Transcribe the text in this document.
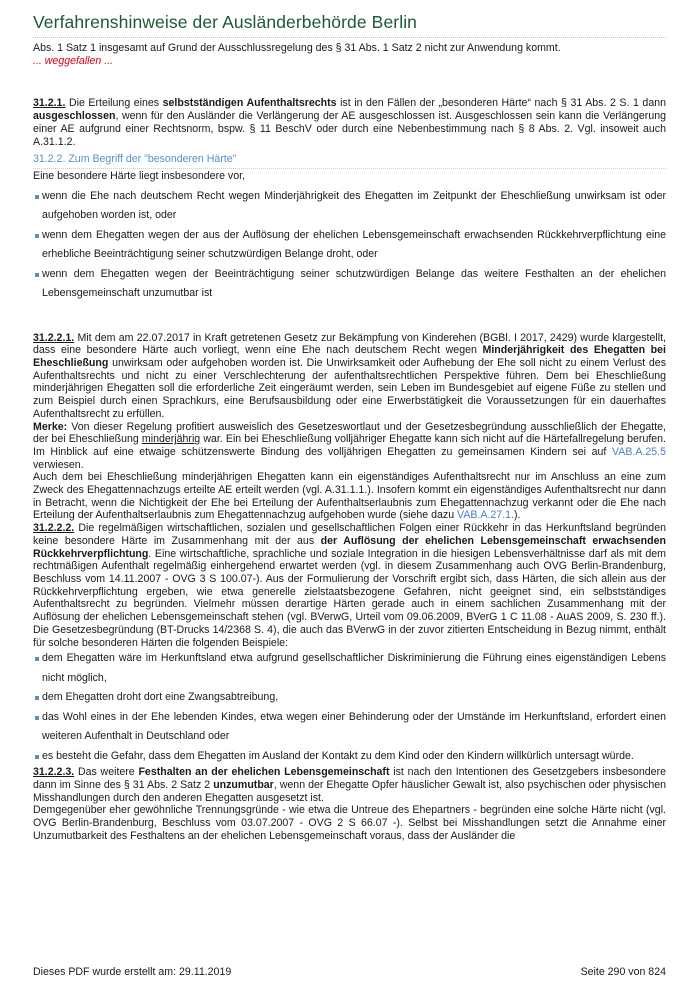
Verfahrenshinweise der Ausländerbehörde Berlin

Abs. 1 Satz 1 insgesamt auf Grund der Ausschlussregelung des § 31 Abs. 1 Satz 2 nicht zur Anwendung kommt.
... weggefallen ...

31.2.1. Die Erteilung eines selbstständigen Aufenthaltsrechts ist in den Fällen der „besonderen Härte“ nach § 31 Abs. 2 S. 1 dann ausgeschlossen, wenn für den Ausländer die Verlängerung der AE ausgeschlossen ist. Ausgeschlossen sein kann die Verlängerung einer AE aufgrund einer Rechtsnorm, bspw. § 11 BeschV oder durch eine Nebenbestimmung nach § 8 Abs. 2. Vgl. insoweit auch A.31.1.2.

31.2.2. Zum Begriff der "besonderen Härte"

Eine besondere Härte liegt insbesondere vor,

wenn die Ehe nach deutschem Recht wegen Minderjährigkeit des Ehegatten im Zeitpunkt der Eheschließung unwirksam ist oder aufgehoben worden ist, oder
wenn dem Ehegatten wegen der aus der Auflösung der ehelichen Lebensgemeinschaft erwachsenden Rückkehrverpflichtung eine erhebliche Beeinträchtigung seiner schutzwürdigen Belange droht, oder
wenn dem Ehegatten wegen der Beeinträchtigung seiner schutzwürdigen Belange das weitere Festhalten an der ehelichen Lebensgemeinschaft unzumutbar ist

31.2.2.1. Mit dem am 22.07.2017 in Kraft getretenen Gesetz zur Bekämpfung von Kinderehen (BGBl. I 2017, 2429) wurde klargestellt, dass eine besondere Härte auch vorliegt, wenn eine Ehe nach deutschem Recht wegen Minderjährigkeit des Ehegatten bei Eheschließung unwirksam oder aufgehoben worden ist. Die Unwirksamkeit oder Aufhebung der Ehe soll nicht zu einem Verlust des Aufenthaltsrechts und nicht zu einer Verschlechterung der aufenthaltsrechtlichen Perspektive führen. Dem bei Eheschließung minderjährigen Ehegatten soll die erforderliche Zeit eingeräumt werden, sein Leben im Bundesgebiet auf eigene Füße zu stellen und zum Beispiel durch einen Sprachkurs, eine Berufsausbildung oder eine Erwerbstätigkeit die Voraussetzungen für ein dauerhaftes Aufenthaltsrecht zu erfüllen.

Merke: Von dieser Regelung profitiert ausweislich des Gesetzeswortlaut und der Gesetzesbegründung ausschließlich der Ehegatte, der bei Eheschließung minderjährig war. Ein bei Eheschließung volljähriger Ehegatte kann sich nicht auf die Härtefallregelung berufen. Im Hinblick auf eine etwaige schützenswerte Bindung des volljährigen Ehegatten zu gemeinsamen Kindern sei auf VAB.A.25.5 verwiesen.

Auch dem bei Eheschließung minderjährigen Ehegatten kann ein eigenständiges Aufenthaltsrecht nur im Anschluss an eine zum Zweck des Ehegattennachzugs erteilte AE erteilt werden (vgl. A.31.1.1.). Insofern kommt ein eigenständiges Aufenthaltsrecht nur dann in Betracht, wenn die Nichtigkeit der Ehe bei Erteilung der Aufenthaltserlaubnis zum Ehegattennachzug verkannt oder die Ehe nach Erteilung der Aufenthaltserlaubnis zum Ehegattennachzug aufgehoben wurde (siehe dazu VAB.A.27.1.).

31.2.2.2. Die regelmäßigen wirtschaftlichen, sozialen und gesellschaftlichen Folgen einer Rückkehr in das Herkunftsland begründen keine besondere Härte im Zusammenhang mit der aus der Auflösung der ehelichen Lebensgemeinschaft erwachsenden Rückkehrverpflichtung. Eine wirtschaftliche, sprachliche und soziale Integration in die hiesigen Lebensverhältnisse darf als mit dem rechtmäßigen Aufenthalt regelmäßig einhergehend erwartet werden (vgl. in diesem Zusammenhang auch OVG Berlin-Brandenburg, Beschluss vom 14.11.2007 - OVG 3 S 100.07-). Aus der Formulierung der Vorschrift ergibt sich, dass Härten, die sich allein aus der Rückkehrverpflichtung ergeben, wie etwa generelle zielstaatsbezogene Gefahren, nicht geeignet sind, ein selbstständiges Aufenthaltsrecht zu begründen. Vielmehr müssen derartige Härten gerade auch in einem sachlichen Zusammenhang mit der Auflösung der ehelichen Lebensgemeinschaft stehen (vgl. BVerwG, Urteil vom 09.06.2009, BVerG 1 C 11.08 - AuAS 2009, S. 230 ff.). Die Gesetzesbegründung (BT-Drucks 14/2368 S. 4), die auch das BVerwG in der zuvor zitierten Entscheidung in Bezug nimmt, enthält für solche besonderen Härten die folgenden Beispiele:

dem Ehegatten wäre im Herkunftsland etwa aufgrund gesellschaftlicher Diskriminierung die Führung eines eigenständigen Lebens nicht möglich,
dem Ehegatten droht dort eine Zwangsabtreibung,
das Wohl eines in der Ehe lebenden Kindes, etwa wegen einer Behinderung oder der Umstände im Herkunftsland, erfordert einen weiteren Aufenthalt in Deutschland oder
es besteht die Gefahr, dass dem Ehegatten im Ausland der Kontakt zu dem Kind oder den Kindern willkürlich untersagt würde.

31.2.2.3. Das weitere Festhalten an der ehelichen Lebensgemeinschaft ist nach den Intentionen des Gesetzgebers insbesondere dann im Sinne des § 31 Abs. 2 Satz 2 unzumutbar, wenn der Ehegatte Opfer häuslicher Gewalt ist, also psychischen oder physischen Misshandlungen durch den anderen Ehegatten ausgesetzt ist.

Demgegenüber eher gewöhnliche Trennungsgründe - wie etwa die Untreue des Ehepartners - begründen eine solche Härte nicht (vgl. OVG Berlin-Brandenburg, Beschluss vom 03.07.2007 - OVG 2 S 66.07 -). Selbst bei Misshandlungen setzt die Annahme einer Unzumutbarkeit des Festhaltens an der ehelichen Lebensgemeinschaft voraus, dass der Ausländer die

Dieses PDF wurde erstellt am: 29.11.2019	Seite 290 von 824
